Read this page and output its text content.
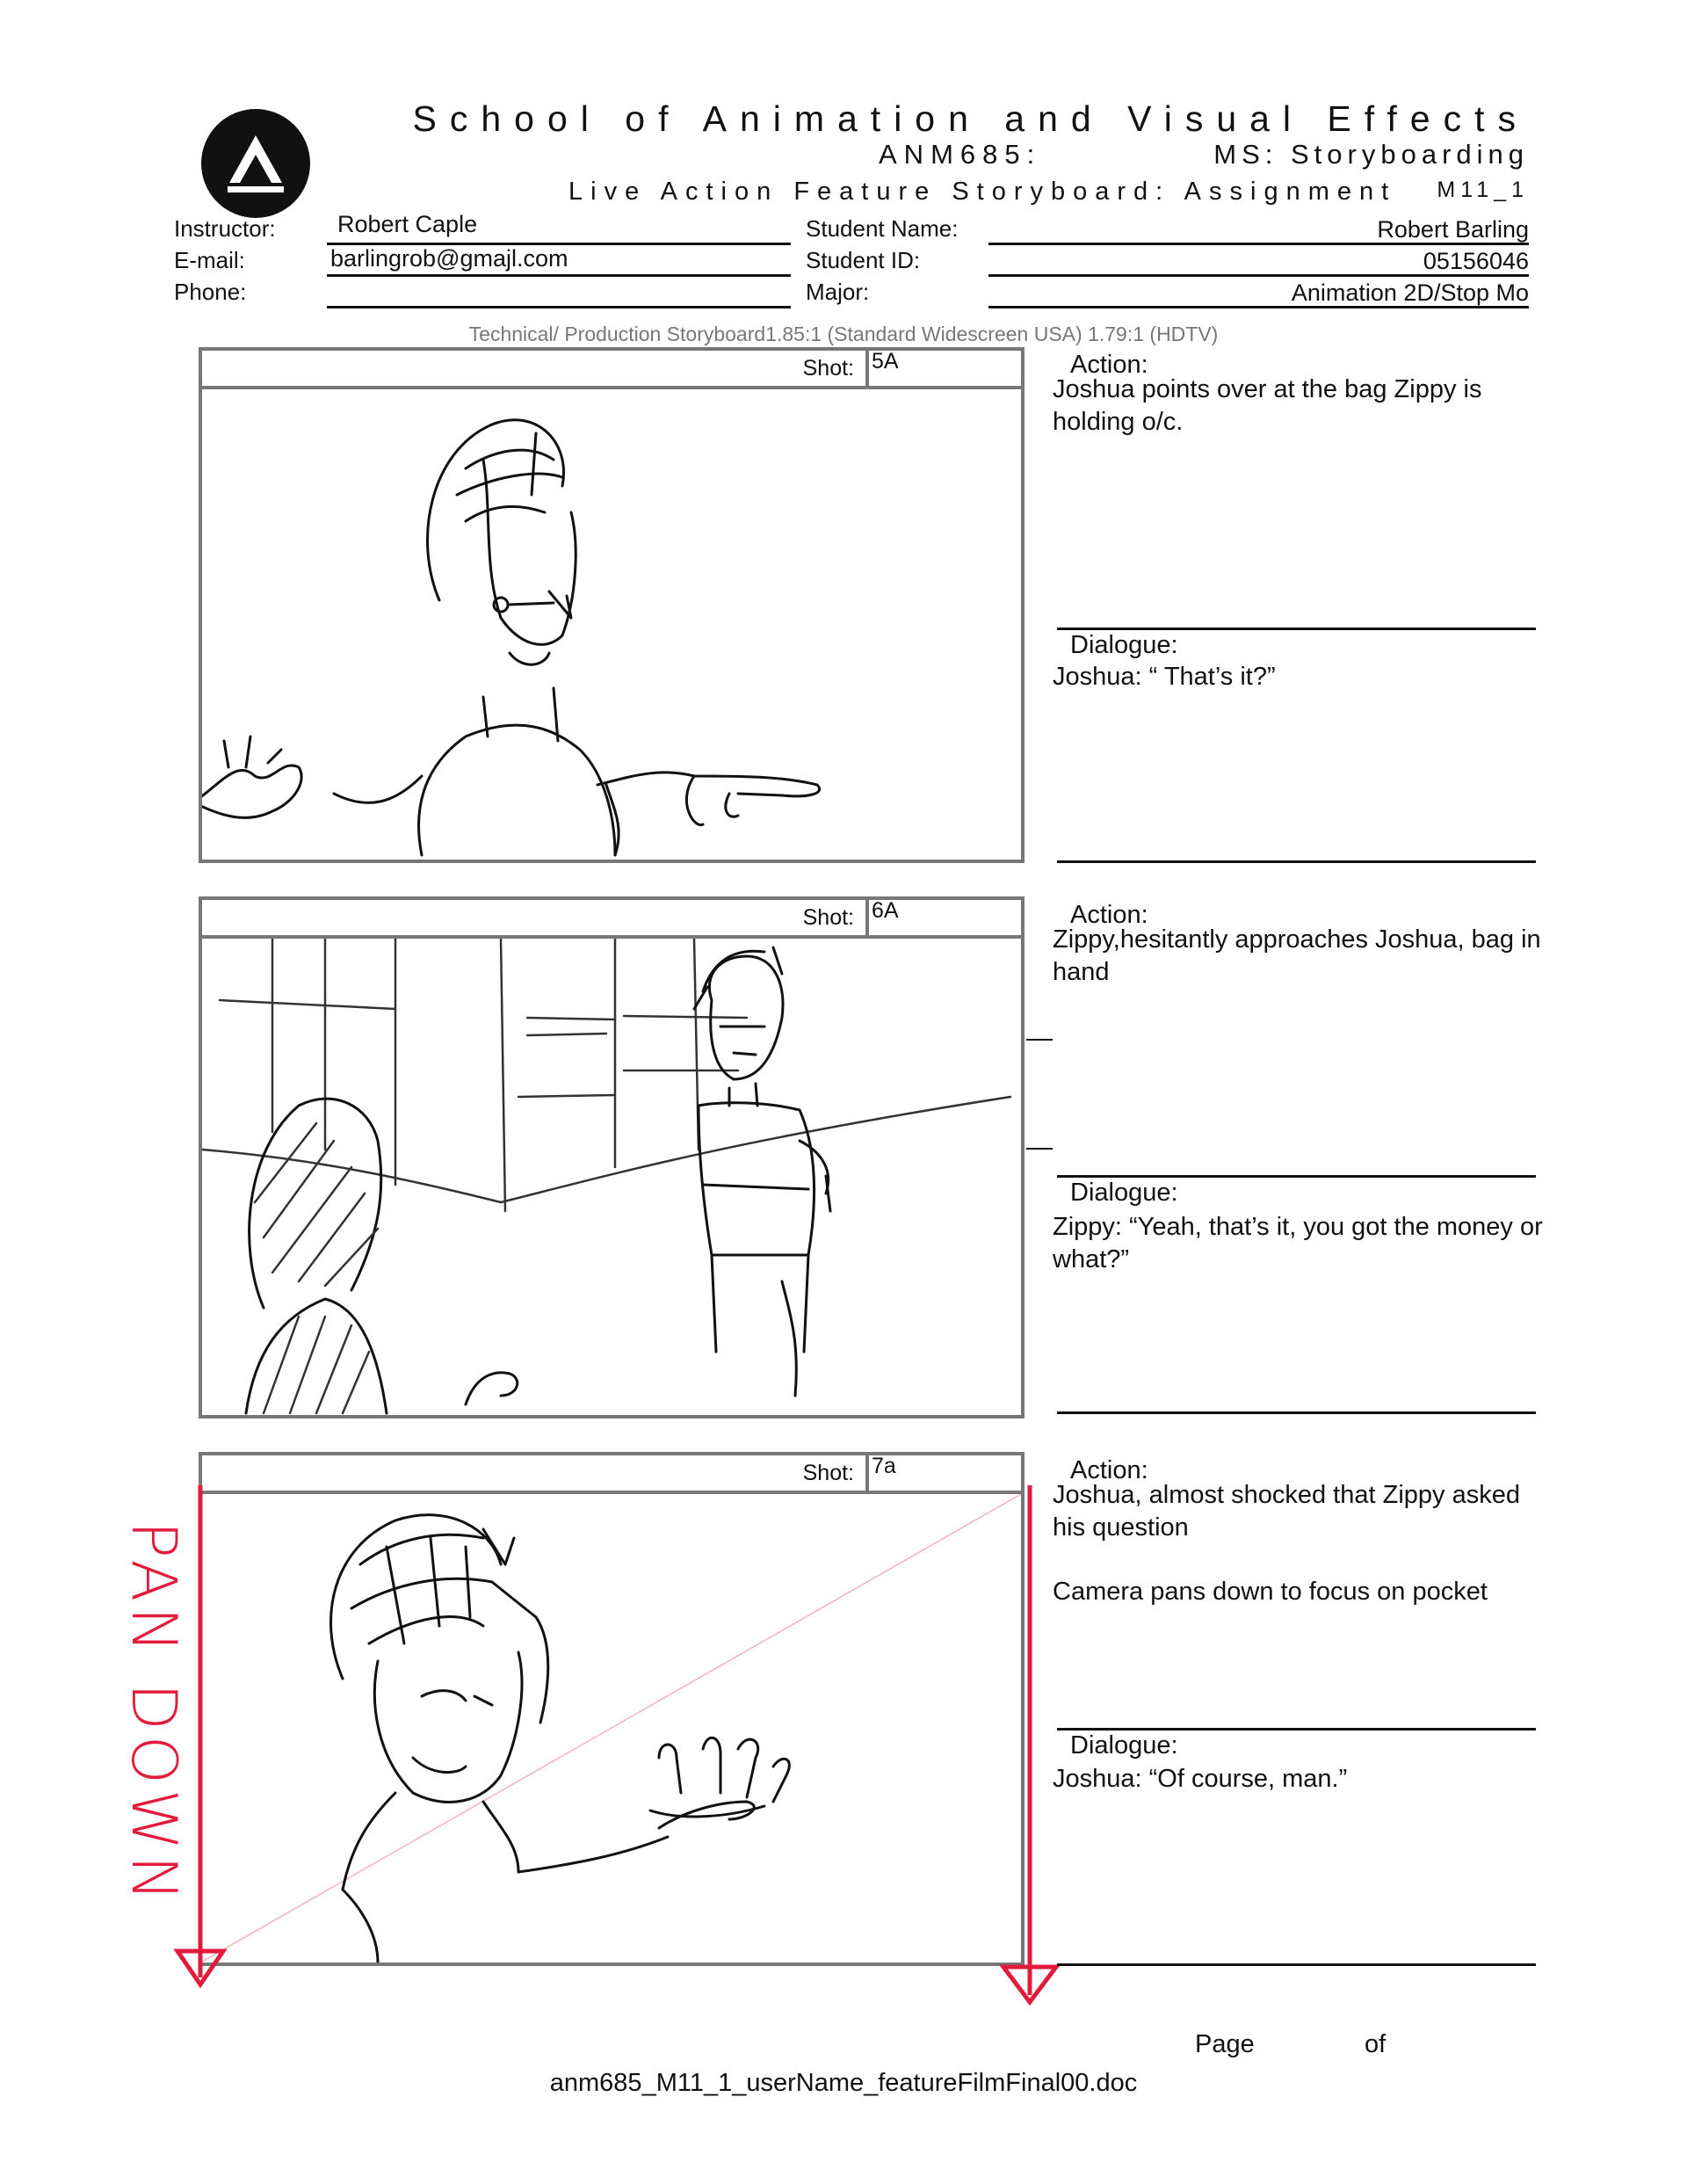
School of Animation and Visual Effects
ANM685:	MS: Storyboarding
Live Action Feature Storyboard: Assignment M11_1
Instructor:	Robert Caple
E-mail:	barlingrob@gmajl.com
Phone:
Student Name:	Robert Barling
Student ID:	05156046
Major:	Animation 2D/Stop Mo
Technical/ Production Storyboard1.85:1 (Standard Widescreen USA) 1.79:1 (HDTV)
Shot: 5A	Action:
Joshua points over at the bag Zippy is holding o/c.
Dialogue:
Joshua: “ That’s it?”
Shot: 6A	Action:
Zippy,hesitantly approaches Joshua, bag in hand
Dialogue:
Zippy: “Yeah, that’s it, you got the money or what?”
Shot: 7a
PAN DOWN
Action:
Joshua, almost shocked that Zippy asked his question
Camera pans down to focus on pocket
Dialogue:
Joshua: “Of course, man.”
Page	of
anm685_M11_1_userName_featureFilmFinal00.doc
